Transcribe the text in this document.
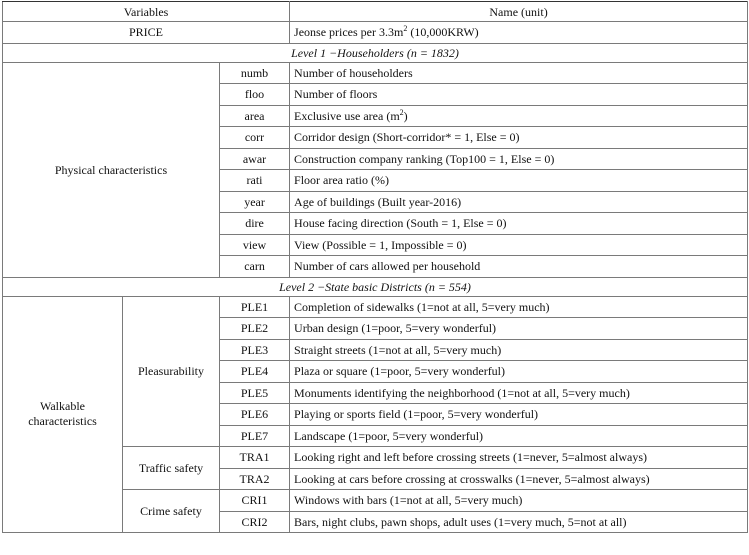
Variables			Name (unit)
PRICE			Jeonse prices per $3.3m^2$ (10,000KRW)
Level 1 −Householders (n = 1832)			
Physical characteristics		numb	Number of householders
		floo	Number of floors
		area	Exclusive use area $(m^2)$
		corr	Corridor design (Short-corridor* = 1, Else = 0)
		awar	Construction company ranking (Top100 = 1, Else = 0)
		rati	Floor area ratio (%)
		year	Age of buildings (Built year-2016)
		dire	House facing direction (South = 1, Else = 0)
		view	View (Possible = 1, Impossible = 0)
		carn	Number of cars allowed per household
Level 2 −State basic Districts (n = 554)			
Walkable
characteristics	Pleasurability	PLE1	Completion of sidewalks (1=not at all, 5=very much)
		PLE2	Urban design (1=poor, 5=very wonderful)
		PLE3	Straight streets (1=not at all, 5=very much)
		PLE4	Plaza or square (1=poor, 5=very wonderful)
		PLE5	Monuments identifying the neighborhood (1=not at all, 5=very much)
		PLE6	Playing or sports field (1=poor, 5=very wonderful)
		PLE7	Landscape (1=poor, 5=very wonderful)
	Traffic safety	TRA1	Looking right and left before crossing streets (1=never, 5=almost always)
		TRA2	Looking at cars before crossing at crosswalks (1=never, 5=almost always)
	Crime safety	CRI1	Windows with bars (1=not at all, 5=very much)
		CRI2	Bars, night clubs, pawn shops, adult uses (1=very much, 5=not at all)
